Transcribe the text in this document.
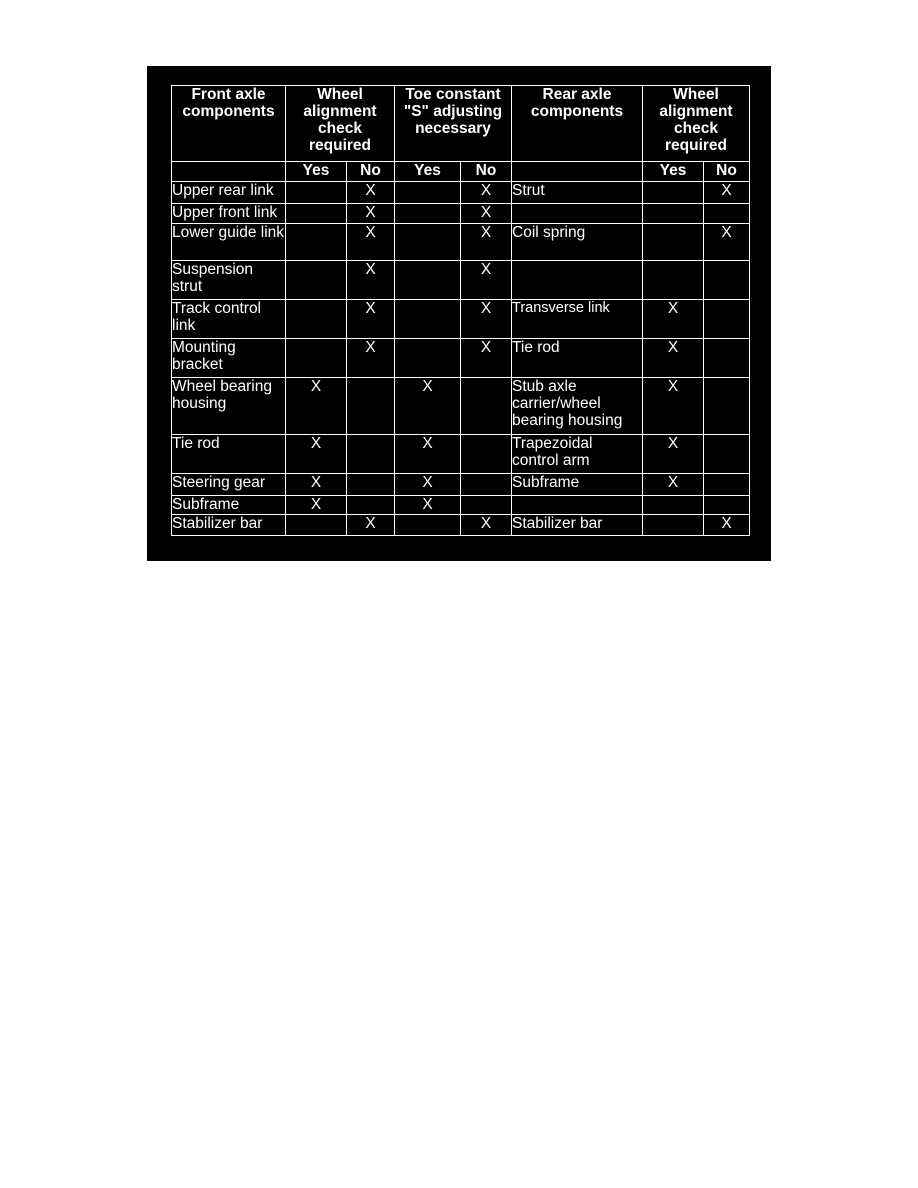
Front axle components	Wheel alignment check required		Toe constant "S" adjusting necessary		Rear axle components	Wheel alignment check required	
	Yes	No	Yes	No		Yes	No
Upper rear link		X		X	Strut		X
Upper front link		X		X			
Lower guide link		X		X	Coil spring		X
Suspension strut		X		X			
Track control link		X		X	Transverse link	X	
Mounting bracket		X		X	Tie rod	X	
Wheel bearing housing	X		X		Stub axle carrier/wheel bearing housing	X	
Tie rod	X		X		Trapezoidal control arm	X	
Steering gear	X		X		Subframe	X	
Subframe	X		X				
Stabilizer bar		X		X	Stabilizer bar		X
